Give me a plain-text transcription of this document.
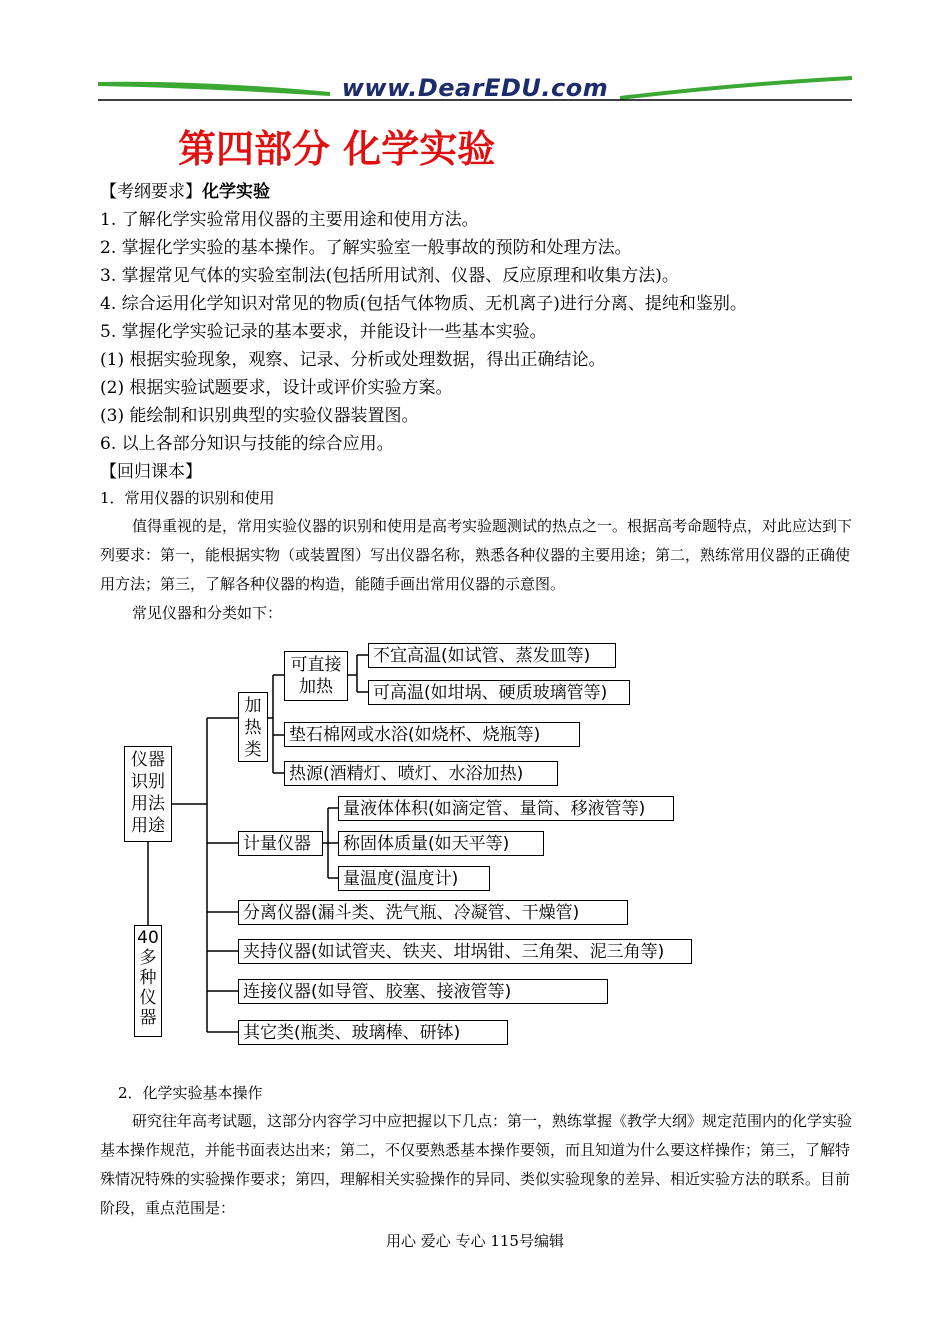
www.DearEDU.com
第四部分 化学实验
【考纲要求】化学实验
1. 了解化学实验常用仪器的主要用途和使用方法。
2. 掌握化学实验的基本操作。了解实验室一般事故的预防和处理方法。
3. 掌握常见气体的实验室制法(包括所用试剂、仪器、反应原理和收集方法)。
4. 综合运用化学知识对常见的物质(包括气体物质、无机离子)进行分离、提纯和鉴别。
5. 掌握化学实验记录的基本要求，并能设计一些基本实验。
(1) 根据实验现象，观察、记录、分析或处理数据，得出正确结论。
(2) 根据实验试题要求，设计或评价实验方案。
(3) 能绘制和识别典型的实验仪器装置图。
6. 以上各部分知识与技能的综合应用。
【回归课本】
1．常用仪器的识别和使用
值得重视的是，常用实验仪器的识别和使用是高考实验题测试的热点之一。根据高考命题特点，对此应达到下列要求：第一，能根据实物（或装置图）写出仪器名称，熟悉各种仪器的主要用途；第二，熟练常用仪器的正确使用方法；第三，了解各种仪器的构造，能随手画出常用仪器的示意图。
常见仪器和分类如下：
仪器识别用法用途
40多种仪器
加热类
可直接加热
不宜高温(如试管、蒸发皿等)
可高温(如坩埚、硬质玻璃管等)
垫石棉网或水浴(如烧杯、烧瓶等)
热源(酒精灯、喷灯、水浴加热)
计量仪器
量液体体积(如滴定管、量筒、移液管等)
称固体质量(如天平等)
量温度(温度计)
分离仪器(漏斗类、洗气瓶、冷凝管、干燥管)
夹持仪器(如试管夹、铁夹、坩埚钳、三角架、泥三角等)
连接仪器(如导管、胶塞、接液管等)
其它类(瓶类、玻璃棒、研钵)
2．化学实验基本操作
研究往年高考试题，这部分内容学习中应把握以下几点：第一，熟练掌握《教学大纲》规定范围内的化学实验基本操作规范，并能书面表达出来；第二，不仅要熟悉基本操作要领，而且知道为什么要这样操作；第三，了解特殊情况特殊的实验操作要求；第四，理解相关实验操作的异同、类似实验现象的差异、相近实验方法的联系。目前阶段，重点范围是：
用心 爱心 专心 115号编辑
